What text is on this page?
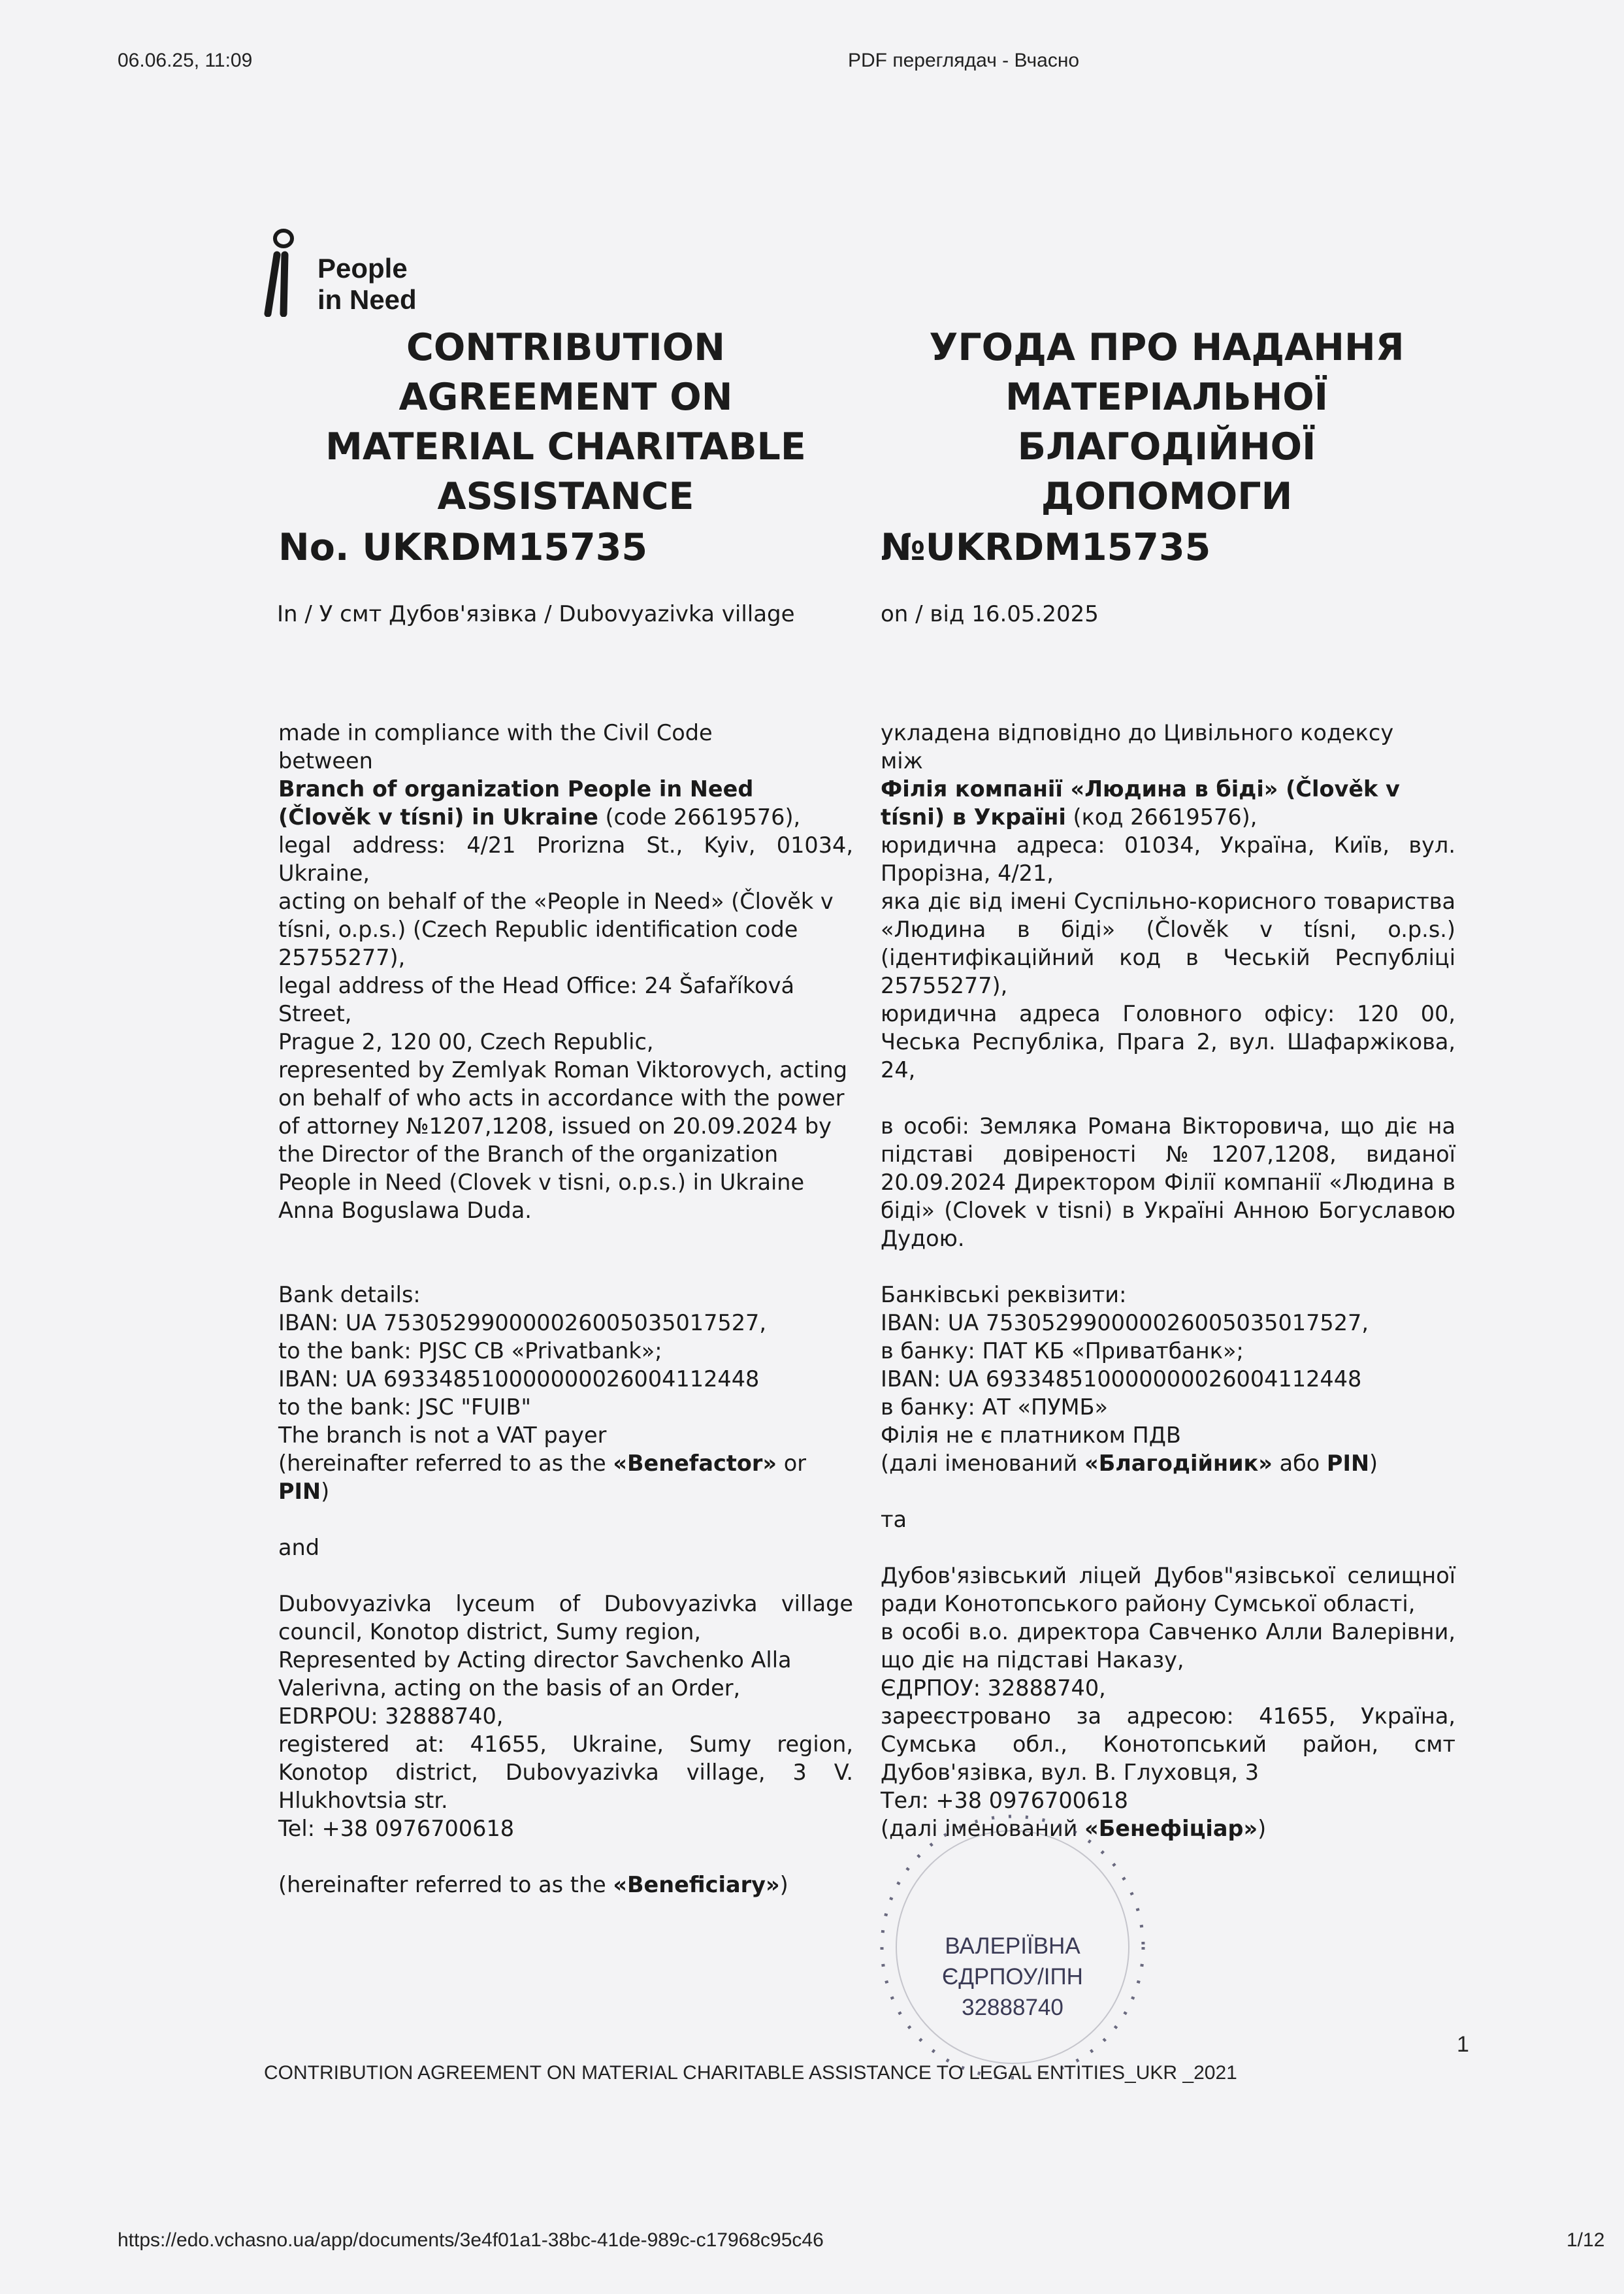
06.06.25, 11:09	PDF переглядач - Вчасно
People
in Need
CONTRIBUTION
AGREEMENT ON
MATERIAL CHARITABLE
ASSISTANCE
УГОДА ПРО НАДАННЯ
МАТЕРІАЛЬНОЇ
БЛАГОДІЙНОЇ
ДОПОМОГИ
No. UKRDM15735	№UKRDM15735
In / У смт Дубов'язівка / Dubovyazivka village	on / від 16.05.2025

made in compliance with the Civil Code

between

Branch of organization People in Need (Člověk v tísni) in Ukraine (code 26619576),

legal address: 4/21 Prorizna St., Kyiv, 01034, Ukraine,

acting on behalf of the «People in Need» (Člověk v

tísni, o.p.s.) (Czech Republic identification code 25755277),

legal address of the Head Office: 24 Šafaříková Street,

Prague 2, 120 00, Czech Republic,

represented by Zemlyak Roman Viktorovych, acting on behalf of who acts in accordance with the power of attorney №1207,1208, issued on 20.09.2024 by the Director of the Branch of the organization People in Need (Clovek v tisni, o.p.s.) in Ukraine Anna Boguslawa Duda.

Bank details:

IBAN: UA 753052990000026005035017527,

to the bank: PJSC CB «Privatbank»;

IBAN: UA 693348510000000026004112448

to the bank: JSC "FUIB"

The branch is not a VAT payer

(hereinafter referred to as the «Benefactor» or PIN)

and

Dubovyazivka lyceum of Dubovyazivka village council, Konotop district, Sumy region,

Represented by Acting director Savchenko Alla Valerivna, acting on the basis of an Order,

EDRPOU: 32888740,

registered at: 41655, Ukraine, Sumy region, Konotop district, Dubovyazivka village, 3 V. Hlukhovtsia str.

Tel: +38 0976700618

(hereinafter referred to as the «Beneficiary»)

укладена відповідно до Цивільного кодексу

між

Філія компанії «Людина в біді» (Člověk v tísni) в Україні (код 26619576),

юридична адреса: 01034, Україна, Київ, вул. Прорізна, 4/21,

яка діє від імені Суспільно-корисного товариства «Людина в біді» (Člověk v tísni, o.p.s.) (ідентифікаційний код в Чеській Республіці 25755277),

юридична адреса Головного офісу: 120 00, Чеська Республіка, Прага 2, вул. Шафаржікова, 24,

в особі: Земляка Романа Вікторовича, що діє на підставі довіреності №1207,1208, виданої 20.09.2024 Директором Філії компанії «Людина в біді» (Clovek v tisni) в Україні Анною Богуславою Дудою.

Банківські реквізити:

IBAN: UA 753052990000026005035017527,

в банку: ПАТ КБ «Приватбанк»;

IBAN: UA 693348510000000026004112448

в банку: АТ «ПУМБ»

Філія не є платником ПДВ

(далі іменований «Благодійник» або PIN)

та

Дубов'язівський ліцей Дубов"язівської селищної ради Конотопського району Сумської області,

в особі в.о. директора Савченко Алли Валерівни, що діє на підставі Наказу,

ЄДРПОУ: 32888740,

зареєстровано за адресою: 41655, Україна, Сумська обл., Конотопський район, смт Дубов'язівка, вул. В. Глуховця, 3

Тел: +38 0976700618

(далі іменований «Бенефіціар»)

ВАЛЕРІЇВНА
ЄДРПОУ/ІПН
32888740
1
CONTRIBUTION AGREEMENT ON MATERIAL CHARITABLE ASSISTANCE TO LEGAL ENTITIES_UKR _2021
https://edo.vchasno.ua/app/documents/3e4f01a1-38bc-41de-989c-c17968c95c46	1/12
